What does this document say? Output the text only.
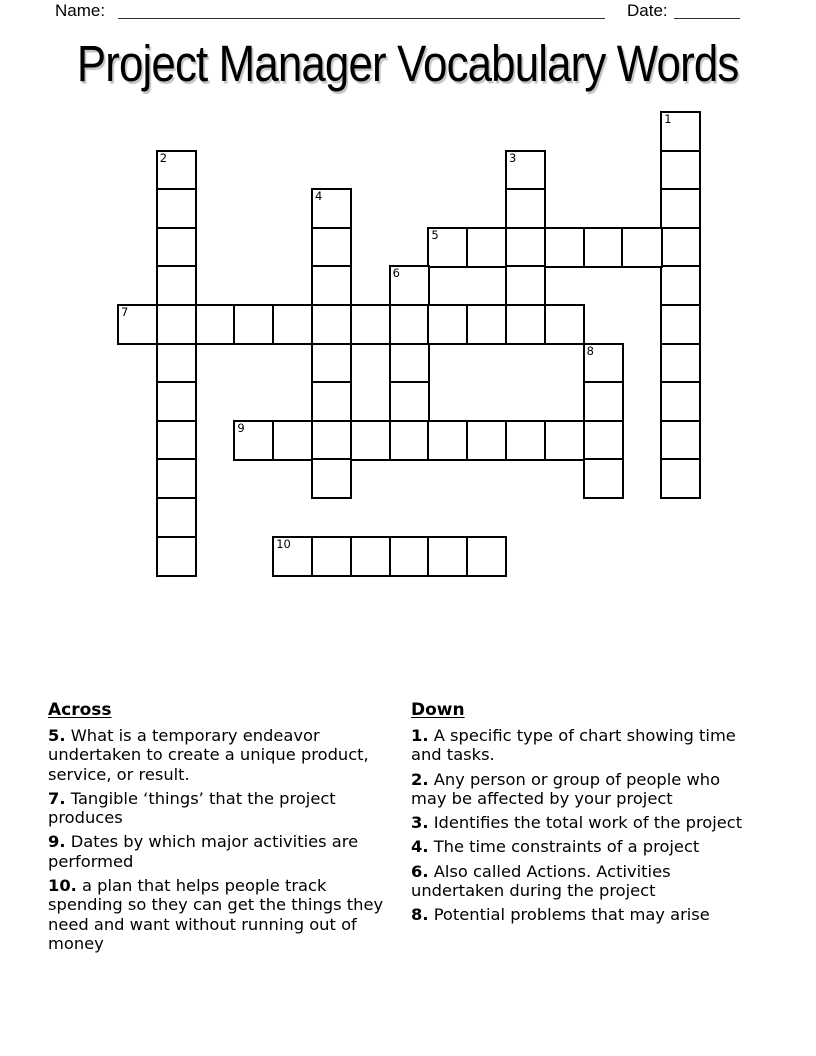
Name:	Date:
Project Manager Vocabulary Words
1
2	3
4
5
6
7
8
9
10
Across

5. What is a temporary endeavor undertaken to create a unique product, service, or result.

7. Tangible ‘things’ that the project produces

9. Dates by which major activities are performed

10. a plan that helps people track spending so they can get the things they need and want without running out of money

Down

1. A specific type of chart showing time and tasks.

2. Any person or group of people who may be affected by your project

3. Identifies the total work of the project

4. The time constraints of a project

6. Also called Actions. Activities undertaken during the project

8. Potential problems that may arise
